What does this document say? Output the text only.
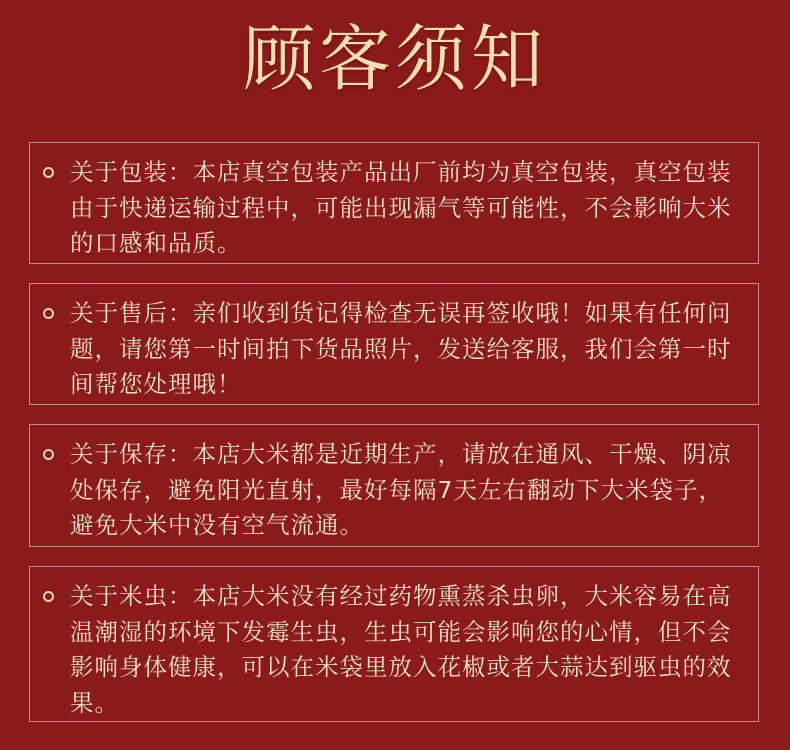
顾客须知

关于包装：本店真空包装产品出厂前均为真空包装，真空包装由于快递运输过程中，可能出现漏气等可能性，不会影响大米的口感和品质。

关于售后：亲们收到货记得检查无误再签收哦！如果有任何问题，请您第一时间拍下货品照片，发送给客服，我们会第一时间帮您处理哦！

关于保存：本店大米都是近期生产，请放在通风、干燥、阴凉处保存，避免阳光直射，最好每隔7天左右翻动下大米袋子，避免大米中没有空气流通。

关于米虫：本店大米没有经过药物熏蒸杀虫卵，大米容易在高温潮湿的环境下发霉生虫，生虫可能会影响您的心情，但不会影响身体健康，可以在米袋里放入花椒或者大蒜达到驱虫的效果。
